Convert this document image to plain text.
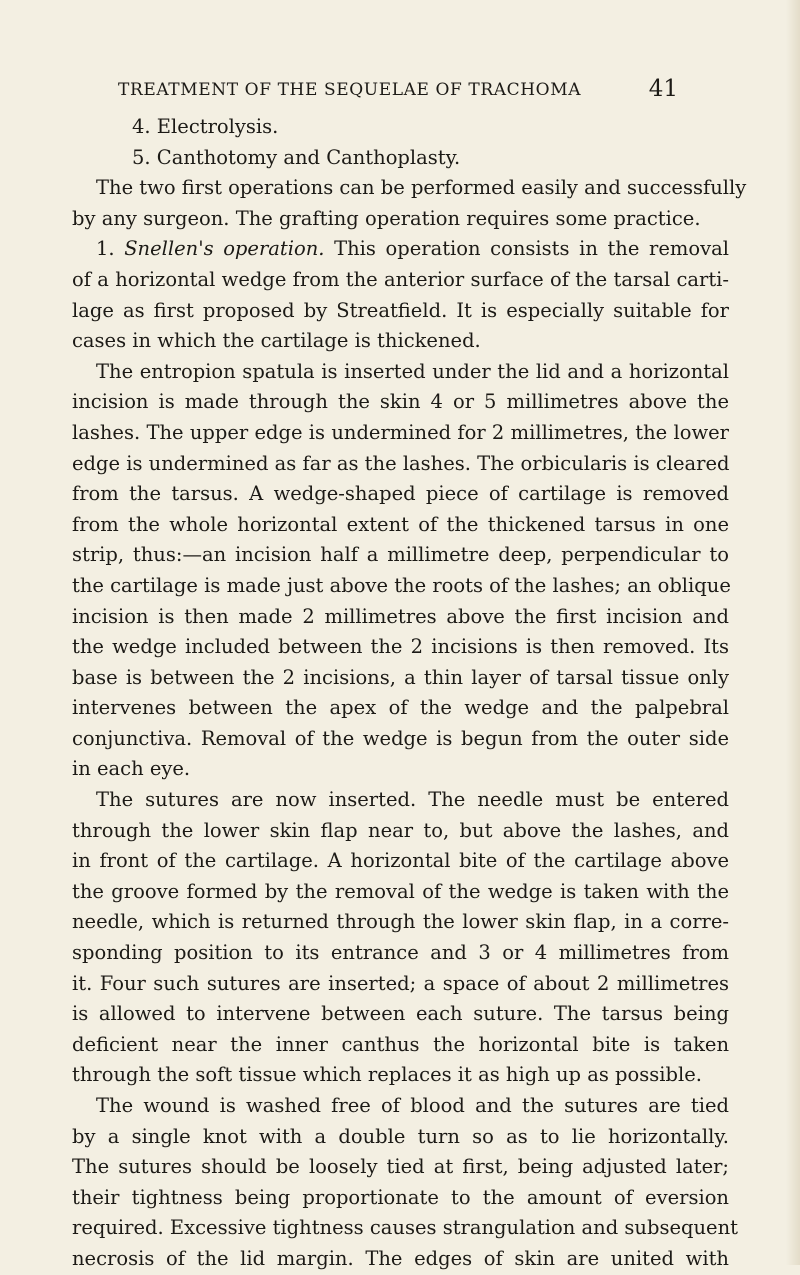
TREATMENT OF THE SEQUELAE OF TRACHOMA	41
4. Electrolysis.
5. Canthotomy and Canthoplasty.
The two first operations can be performed easily and successfully
by any surgeon. The grafting operation requires some practice.
1. Snellen's operation. This operation consists in the removal
of a horizontal wedge from the anterior surface of the tarsal carti-
lage as first proposed by Streatfield. It is especially suitable for
cases in which the cartilage is thickened.
The entropion spatula is inserted under the lid and a horizontal
incision is made through the skin 4 or 5 millimetres above the
lashes. The upper edge is undermined for 2 millimetres, the lower
edge is undermined as far as the lashes. The orbicularis is cleared
from the tarsus. A wedge-shaped piece of cartilage is removed
from the whole horizontal extent of the thickened tarsus in one
strip, thus:—an incision half a millimetre deep, perpendicular to
the cartilage is made just above the roots of the lashes; an oblique
incision is then made 2 millimetres above the first incision and
the wedge included between the 2 incisions is then removed. Its
base is between the 2 incisions, a thin layer of tarsal tissue only
intervenes between the apex of the wedge and the palpebral
conjunctiva. Removal of the wedge is begun from the outer side
in each eye.
The sutures are now inserted. The needle must be entered
through the lower skin flap near to, but above the lashes, and
in front of the cartilage. A horizontal bite of the cartilage above
the groove formed by the removal of the wedge is taken with the
needle, which is returned through the lower skin flap, in a corre-
sponding position to its entrance and 3 or 4 millimetres from
it. Four such sutures are inserted; a space of about 2 millimetres
is allowed to intervene between each suture. The tarsus being
deficient near the inner canthus the horizontal bite is taken
through the soft tissue which replaces it as high up as possible.
The wound is washed free of blood and the sutures are tied
by a single knot with a double turn so as to lie horizontally.
The sutures should be loosely tied at first, being adjusted later;
their tightness being proportionate to the amount of eversion
required. Excessive tightness causes strangulation and subsequent
necrosis of the lid margin. The edges of skin are united with
